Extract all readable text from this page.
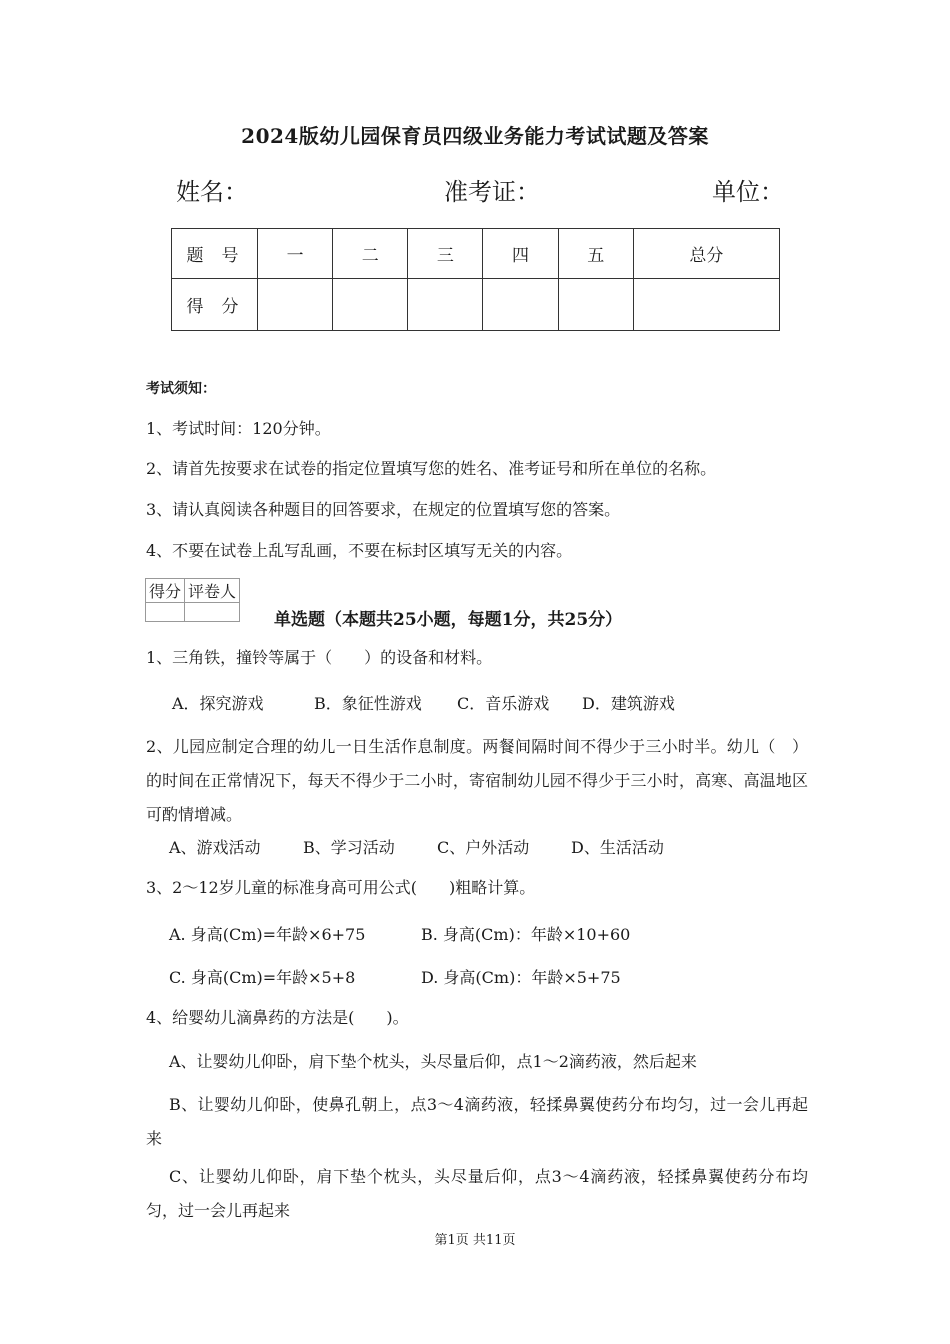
2024版幼儿园保育员四级业务能力考试试题及答案
姓名：	准考证：	单位：
题号	一	二	三	四	五	总分
得分						
考试须知：
1、考试时间：120分钟。
2、请首先按要求在试卷的指定位置填写您的姓名、准考证号和所在单位的名称。
3、请认真阅读各种题目的回答要求，在规定的位置填写您的答案。
4、不要在试卷上乱写乱画，不要在标封区填写无关的内容。
得分	评卷人

单选题（本题共25小题，每题1分，共25分）
1、三角铁，撞铃等属于（　　）的设备和材料。
A．探究游戏	B．象征性游戏 C．音乐游戏 D．建筑游戏
2、儿园应制定合理的幼儿一日生活作息制度。两餐间隔时间不得少于三小时半。幼儿（　）的时间在正常情况下，每天不得少于二小时，寄宿制幼儿园不得少于三小时，高寒、高温地区可酌情增减。
A、游戏活动	B、学习活动	C、户外活动	D、生活活动
3、2～12岁儿童的标准身高可用公式(　　)粗略计算。
A. 身高(Cm)=年龄×6+75	B. 身高(Cm)：年龄×10+60
C. 身高(Cm)=年龄×5+8	D. 身高(Cm)：年龄×5+75
4、给婴幼儿滴鼻药的方法是(　　)。
A、让婴幼儿仰卧，肩下垫个枕头，头尽量后仰，点1～2滴药液，然后起来
B、让婴幼儿仰卧，使鼻孔朝上，点3～4滴药液，轻揉鼻翼使药分布均匀，过一会儿再起来
C、让婴幼儿仰卧，肩下垫个枕头，头尽量后仰，点3～4滴药液，轻揉鼻翼使药分布均匀，过一会儿再起来
第1页 共11页
